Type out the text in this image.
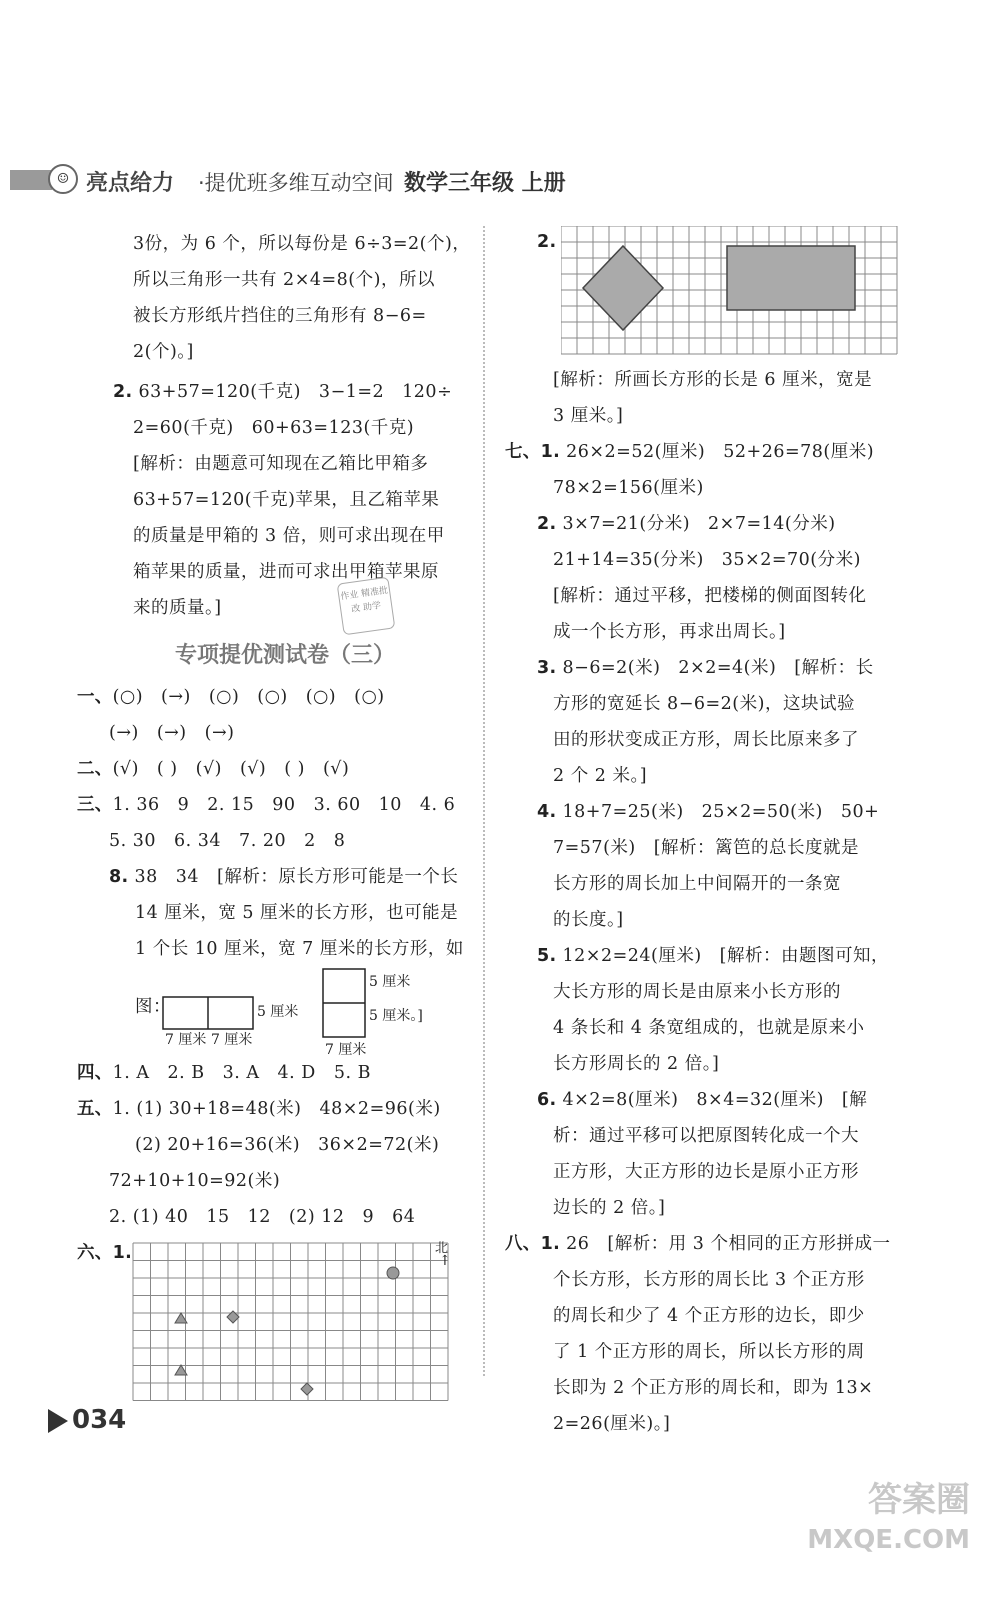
☺ 亮点给力 ·提优班多维互动空间 数学三年级 上册
3份，为 6 个，所以每份是 6÷3=2(个)，
所以三角形一共有 2×4=8(个)，所以
被长方形纸片挡住的三角形有 8−6=
2(个)。]
2. 63+57=120(千克)　3−1=2　120÷
2=60(千克)　60+63=123(千克)
[解析：由题意可知现在乙箱比甲箱多
63+57=120(千克)苹果，且乙箱苹果
的质量是甲箱的 3 倍，则可求出现在甲
箱苹果的质量，进而可求出甲箱苹果原
来的质量。]
专项提优测试卷（三）
一、(○)　(→)　(○)　(○)　(○)　(○)
(→)　(→)　(→)
二、(√)　( )　(√)　(√)　( )　(√)
三、1. 36　9　2. 15　90　3. 60　10　4. 6
5. 30　6. 34　7. 20　2　8
8. 38　34　[解析：原长方形可能是一个长
14 厘米，宽 5 厘米的长方形，也可能是
1 个长 10 厘米，宽 7 厘米的长方形，如
图：
7 厘米 7 厘米
5 厘米
5 厘米
5 厘米。]
7 厘米
四、1. A　2. B　3. A　4. D　5. B
五、1. (1) 30+18=48(米)　48×2=96(米)
(2) 20+16=36(米)　36×2=72(米)
72+10+10=92(米)
2. (1) 40　15　12　(2) 12　9　64
六、1.	北
↑
作业 精准批改 助学
2.
[解析：所画长方形的长是 6 厘米，宽是
3 厘米。]
七、1. 26×2=52(厘米)　52+26=78(厘米)
78×2=156(厘米)
2. 3×7=21(分米)　2×7=14(分米)
21+14=35(分米)　35×2=70(分米)
[解析：通过平移，把楼梯的侧面图转化
成一个长方形，再求出周长。]
3. 8−6=2(米)　2×2=4(米)　[解析：长
方形的宽延长 8−6=2(米)，这块试验
田的形状变成正方形，周长比原来多了
2 个 2 米。]
4. 18+7=25(米)　25×2=50(米)　50+
7=57(米)　[解析：篱笆的总长度就是
长方形的周长加上中间隔开的一条宽
的长度。]
5. 12×2=24(厘米)　[解析：由题图可知，
大长方形的周长是由原来小长方形的
4 条长和 4 条宽组成的，也就是原来小
长方形周长的 2 倍。]
6. 4×2=8(厘米)　8×4=32(厘米)　[解
析：通过平移可以把原图转化成一个大
正方形，大正方形的边长是原小正方形
边长的 2 倍。]
八、1. 26　[解析：用 3 个相同的正方形拼成一
个长方形，长方形的周长比 3 个正方形
的周长和少了 4 个正方形的边长，即少
了 1 个正方形的周长，所以长方形的周
长即为 2 个正方形的周长和，即为 13×
2=26(厘米)。]
034
答案圈
MXQE.COM
